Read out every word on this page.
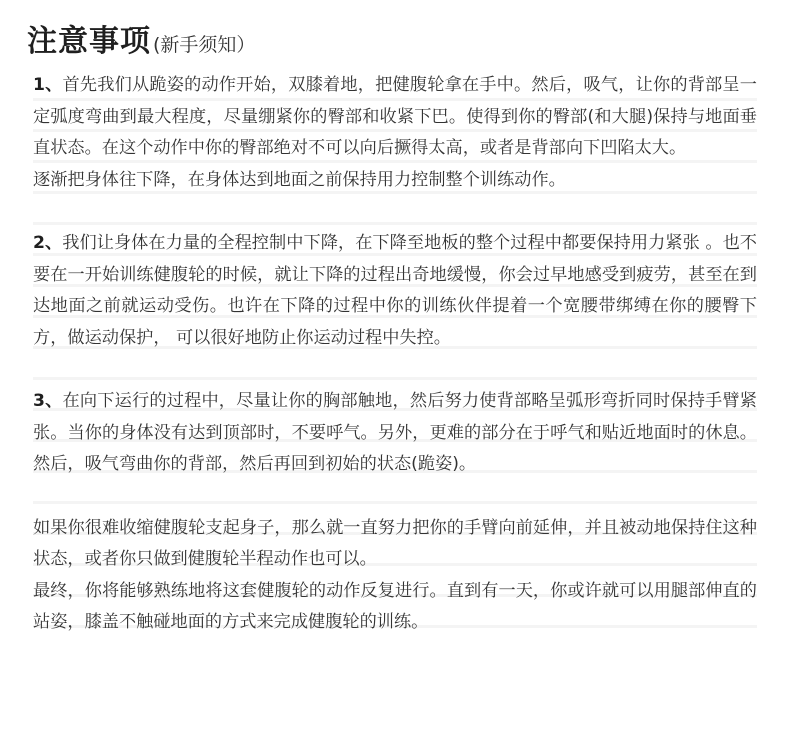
注意事项 (新手须知）

1、首先我们从跪姿的动作开始，双膝着地，把健腹轮拿在手中。然后，吸气，让你的背部呈一定弧度弯曲到最大程度，尽量绷紧你的臀部和收紧下巴。使得到你的臀部(和大腿)保持与地面垂直状态。在这个动作中你的臀部绝对不可以向后撅得太高，或者是背部向下凹陷太大。

逐渐把身体往下降，在身体达到地面之前保持用力控制整个训练动作。

2、我们让身体在力量的全程控制中下降，在下降至地板的整个过程中都要保持用力紧张 。也不要在一开始训练健腹轮的时候，就让下降的过程出奇地缓慢，你会过早地感受到疲劳，甚至在到达地面之前就运动受伤。也许在下降的过程中你的训练伙伴提着一个宽腰带绑缚在你的腰臀下方，做运动保护， 可以很好地防止你运动过程中失控。

3、在向下运行的过程中，尽量让你的胸部触地，然后努力使背部略呈弧形弯折同时保持手臂紧张。当你的身体没有达到顶部时，不要呼气。另外，更难的部分在于呼气和贴近地面时的休息。然后，吸气弯曲你的背部，然后再回到初始的状态(跪姿)。

如果你很难收缩健腹轮支起身子，那么就一直努力把你的手臂向前延伸，并且被动地保持住这种状态，或者你只做到健腹轮半程动作也可以。

最终，你将能够熟练地将这套健腹轮的动作反复进行。直到有一天，你或许就可以用腿部伸直的站姿，膝盖不触碰地面的方式来完成健腹轮的训练。
